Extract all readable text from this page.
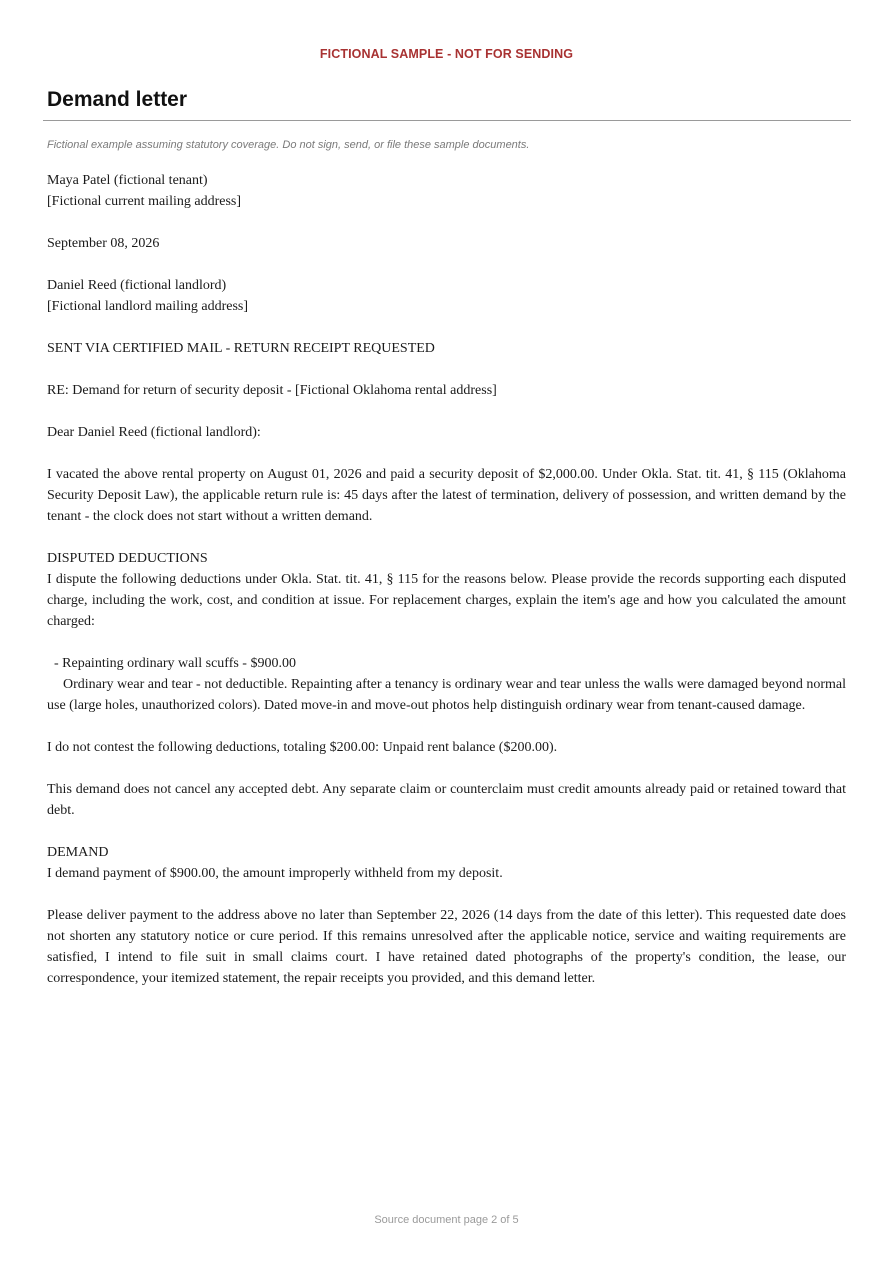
FICTIONAL SAMPLE - NOT FOR SENDING
Demand letter
Fictional example assuming statutory coverage. Do not sign, send, or file these sample documents.

Maya Patel (fictional tenant)
[Fictional current mailing address]

September 08, 2026

Daniel Reed (fictional landlord)
[Fictional landlord mailing address]

SENT VIA CERTIFIED MAIL - RETURN RECEIPT REQUESTED

RE: Demand for return of security deposit - [Fictional Oklahoma rental address]

Dear Daniel Reed (fictional landlord):

I vacated the above rental property on August 01, 2026 and paid a security deposit of $2,000.00. Under Okla. Stat. tit. 41, § 115 (Oklahoma Security Deposit Law), the applicable return rule is: 45 days after the latest of termination, delivery of possession, and written demand by the tenant - the clock does not start without a written demand.

DISPUTED DEDUCTIONS

I dispute the following deductions under Okla. Stat. tit. 41, § 115 for the reasons below. Please provide the records supporting each disputed charge, including the work, cost, and condition at issue. For replacement charges, explain the item's age and how you calculated the amount charged:

- Repainting ordinary wall scuffs - $900.00

Ordinary wear and tear - not deductible. Repainting after a tenancy is ordinary wear and tear unless the walls were damaged beyond normal use (large holes, unauthorized colors). Dated move-in and move-out photos help distinguish ordinary wear from tenant-caused damage.

I do not contest the following deductions, totaling $200.00: Unpaid rent balance ($200.00).

This demand does not cancel any accepted debt. Any separate claim or counterclaim must credit amounts already paid or retained toward that debt.

DEMAND

I demand payment of $900.00, the amount improperly withheld from my deposit.

Please deliver payment to the address above no later than September 22, 2026 (14 days from the date of this letter). This requested date does not shorten any statutory notice or cure period. If this remains unresolved after the applicable notice, service and waiting requirements are satisfied, I intend to file suit in small claims court. I have retained dated photographs of the property's condition, the lease, our correspondence, your itemized statement, the repair receipts you provided, and this demand letter.

Source document page 2 of 5
